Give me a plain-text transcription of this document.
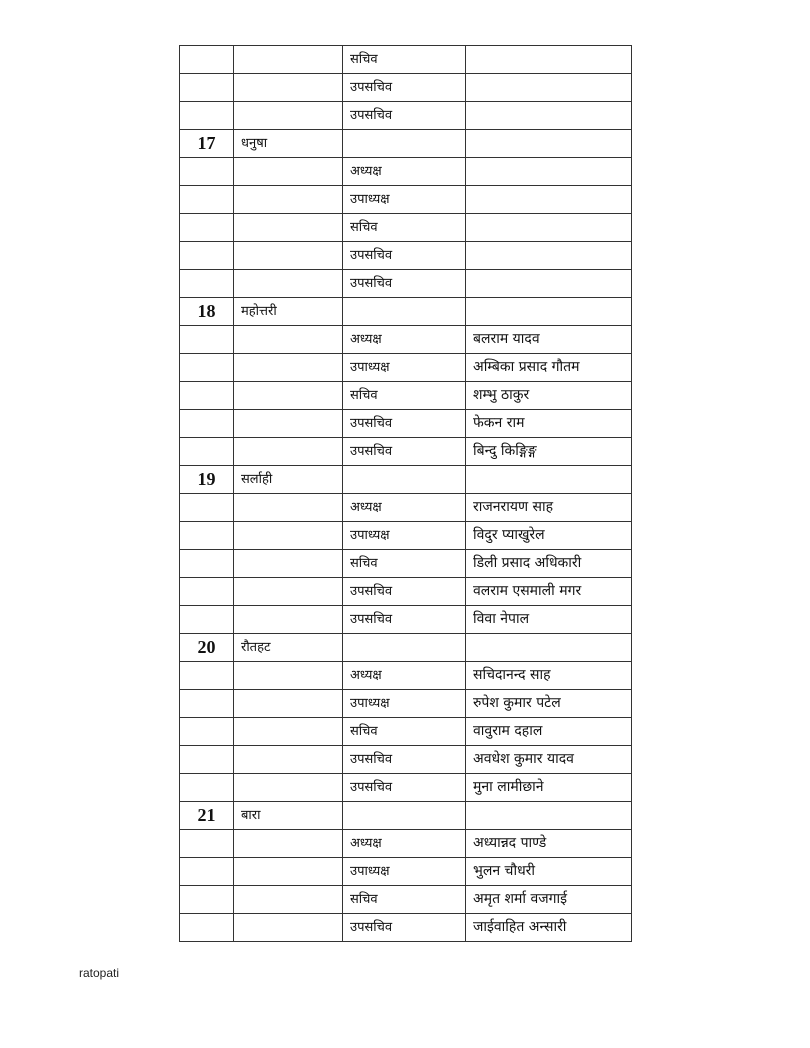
		सचिव	
		उपसचिव	
		उपसचिव	
17	धनुषा		
		अध्यक्ष	
		उपाध्यक्ष	
		सचिव	
		उपसचिव	
		उपसचिव	
18	महोत्तरी		
		अध्यक्ष	बलराम यादव
		उपाध्यक्ष	अम्बिका प्रसाद गौतम
		सचिव	शम्भु ठाकुर
		उपसचिव	फेकन राम
		उपसचिव	बिन्दु किङ्गिङ्ग
19	सर्लाही		
		अध्यक्ष	राजनरायण साह
		उपाध्यक्ष	विदुर प्याखुरेल
		सचिव	डिली प्रसाद अधिकारी
		उपसचिव	वलराम एसमाली मगर
		उपसचिव	विवा नेपाल
20	रौतहट		
		अध्यक्ष	सचिदानन्द साह
		उपाध्यक्ष	रुपेश कुमार पटेल
		सचिव	वावुराम दहाल
		उपसचिव	अवधेश कुमार यादव
		उपसचिव	मुना लामीछाने
21	बारा		
		अध्यक्ष	अध्यान्नद पाण्डे
		उपाध्यक्ष	भुलन चौधरी
		सचिव	अमृत शर्मा वजगाई
		उपसचिव	जाईवाहित अन्सारी
ratopati
